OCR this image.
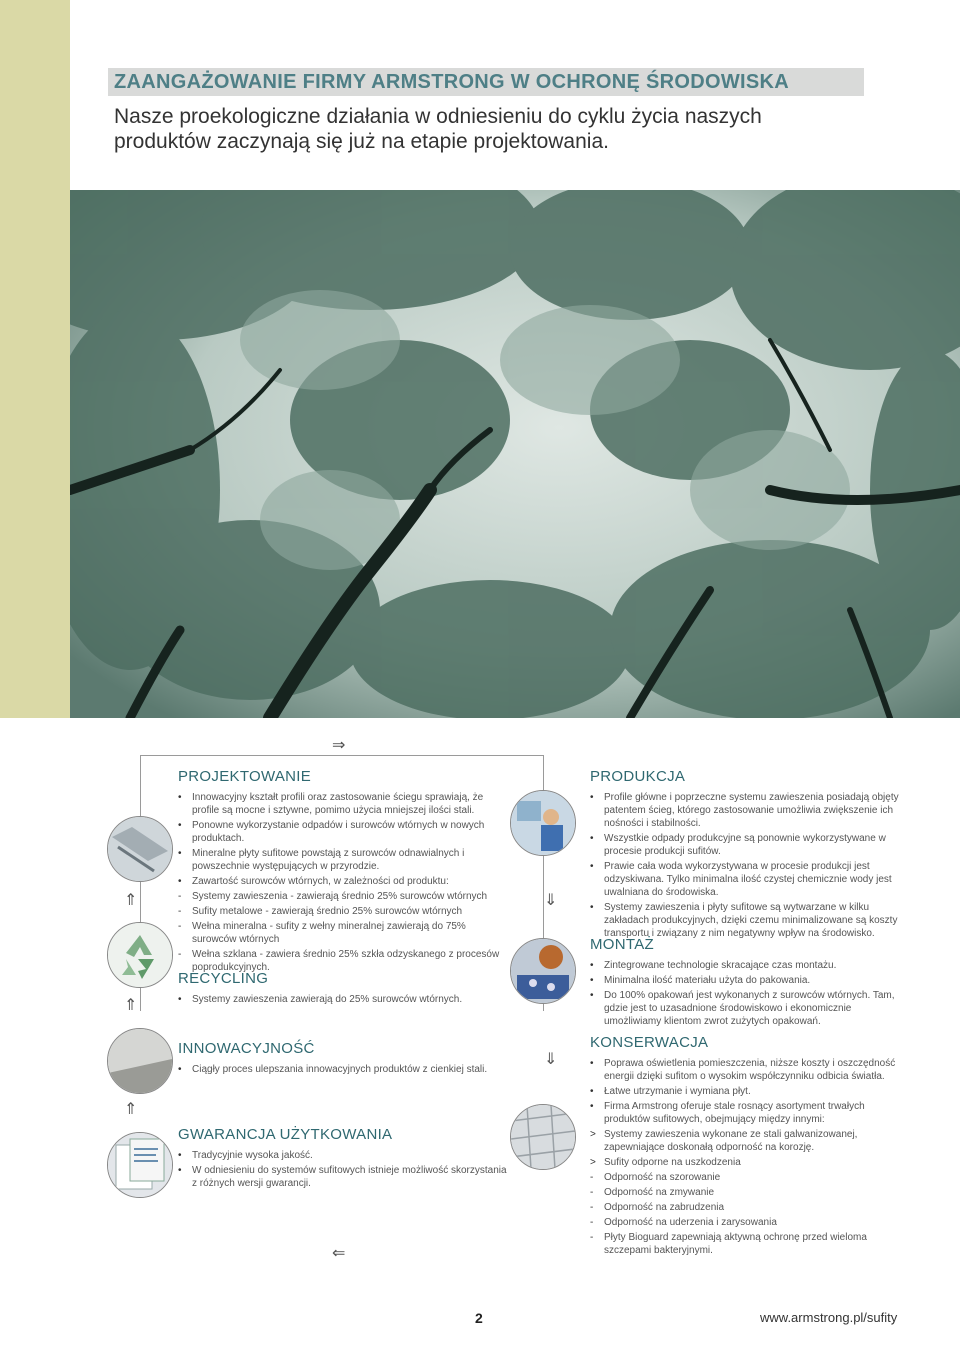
ZAANGAŻOWANIE FIRMY ARMSTRONG W OCHRONĘ ŚRODOWISKA
Nasze proekologiczne działania w odniesieniu do cyklu życia naszych produktów zaczynają się już na etapie projektowania.
⇒
⇐
⇑
⇑
⇑
⇓
⇓
PROJEKTOWANIE
•	Innowacyjny kształt profili oraz zastosowanie ściegu sprawiają, że profile są mocne i sztywne, pomimo użycia mniejszej ilości stali.
•	Ponowne wykorzystanie odpadów i surowców wtórnych w nowych produktach.
•	Mineralne płyty sufitowe powstają z surowców odnawialnych i powszechnie występujących w przyrodzie.
•	Zawartość surowców wtórnych, w zależności od produktu:
-	Systemy zawieszenia - zawierają średnio 25% surowców wtórnych
-	Sufity metalowe - zawierają średnio 25% surowców wtórnych
-	Wełna mineralna - sufity z wełny mineralnej zawierają do 75% surowców wtórnych
-	Wełna szklana - zawiera średnio 25% szkła odzyskanego z procesów poprodukcyjnych.
RECYCLING
•	Systemy zawieszenia zawierają do 25% surowców wtórnych.
INNOWACYJNOŚĆ
•	Ciągły proces ulepszania innowacyjnych produktów z cienkiej stali.
GWARANCJA UŻYTKOWANIA
•	Tradycyjnie wysoka jakość.
•	W odniesieniu do systemów sufitowych istnieje możliwość skorzystania z różnych wersji gwarancji.
PRODUKCJA
•	Profile główne i poprzeczne systemu zawieszenia posiadają objęty patentem ścieg, którego zastosowanie umożliwia zwiększenie ich nośności i stabilności.
•	Wszystkie odpady produkcyjne są ponownie wykorzystywane w procesie produkcji sufitów.
•	Prawie cała woda wykorzystywana w procesie produkcji jest odzyskiwana. Tylko minimalna ilość czystej chemicznie wody jest uwalniana do środowiska.
•	Systemy zawieszenia i płyty sufitowe są wytwarzane w kilku zakładach produkcyjnych, dzięki czemu minimalizowane są koszty transportu i związany z nim negatywny wpływ na środowisko.
MONTAŻ
•	Zintegrowane technologie skracające czas montażu.
•	Minimalna ilość materiału użyta do pakowania.
•	Do 100% opakowań jest wykonanych z surowców wtórnych. Tam, gdzie jest to uzasadnione środowiskowo i ekonomicznie umożliwiamy klientom zwrot zużytych opakowań.
KONSERWACJA
•	Poprawa oświetlenia pomieszczenia, niższe koszty i oszczędność energii dzięki sufitom o wysokim współczynniku odbicia światła.
•	Łatwe utrzymanie i wymiana płyt.
•	Firma Armstrong oferuje stale rosnący asortyment trwałych produktów sufitowych, obejmujący między innymi:
> Systemy zawieszenia wykonane ze stali galwanizowanej, zapewniające doskonałą odporność na korozję.
> Sufity odporne na uszkodzenia
-	Odporność na szorowanie
-	Odporność na zmywanie
-	Odporność na zabrudzenia
-	Odporność na uderzenia i zarysowania
-	Płyty Bioguard zapewniają aktywną ochronę przed wieloma szczepami bakteryjnymi.
2	www.armstrong.pl/sufity
